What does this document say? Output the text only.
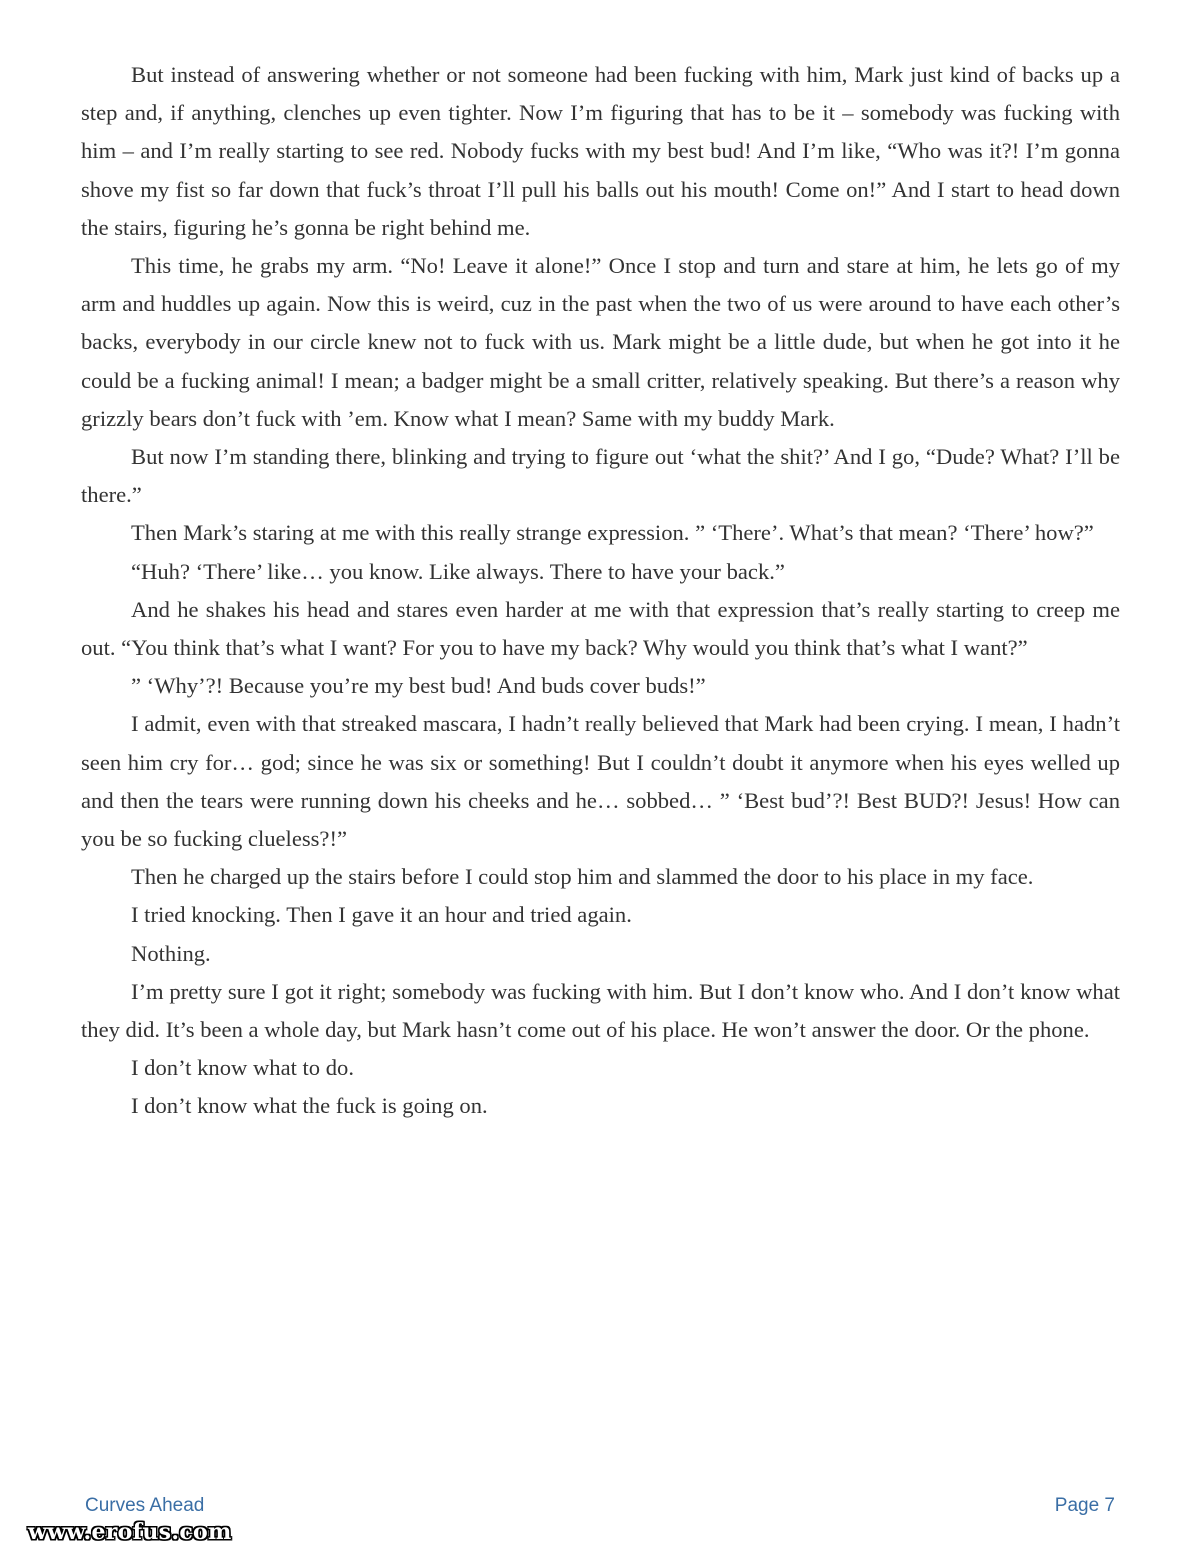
But instead of answering whether or not someone had been fucking with him, Mark just kind of backs up a step and, if anything, clenches up even tighter. Now I’m figuring that has to be it – somebody was fucking with him – and I’m really starting to see red. Nobody fucks with my best bud! And I’m like, “Who was it?! I’m gonna shove my fist so far down that fuck’s throat I’ll pull his balls out his mouth! Come on!” And I start to head down the stairs, figuring he’s gonna be right behind me.

This time, he grabs my arm. “No! Leave it alone!” Once I stop and turn and stare at him, he lets go of my arm and huddles up again. Now this is weird, cuz in the past when the two of us were around to have each other’s backs, everybody in our circle knew not to fuck with us. Mark might be a little dude, but when he got into it he could be a fucking animal! I mean; a badger might be a small critter, relatively speaking. But there’s a reason why grizzly bears don’t fuck with ’em. Know what I mean? Same with my buddy Mark.

But now I’m standing there, blinking and trying to figure out ‘what the shit?’ And I go, “Dude? What? I’ll be there.”

Then Mark’s staring at me with this really strange expression. ” ‘There’. What’s that mean? ‘There’ how?”

“Huh? ‘There’ like… you know. Like always. There to have your back.”

And he shakes his head and stares even harder at me with that expression that’s really starting to creep me out. “You think that’s what I want? For you to have my back? Why would you think that’s what I want?”

” ‘Why’?! Because you’re my best bud! And buds cover buds!”

I admit, even with that streaked mascara, I hadn’t really believed that Mark had been crying. I mean, I hadn’t seen him cry for… god; since he was six or something! But I couldn’t doubt it anymore when his eyes welled up and then the tears were running down his cheeks and he… sobbed… ” ‘Best bud’?! Best BUD?! Jesus! How can you be so fucking clueless?!”

Then he charged up the stairs before I could stop him and slammed the door to his place in my face.

I tried knocking. Then I gave it an hour and tried again.

Nothing.

I’m pretty sure I got it right; somebody was fucking with him. But I don’t know who. And I don’t know what they did. It’s been a whole day, but Mark hasn’t come out of his place. He won’t answer the door. Or the phone.

I don’t know what to do.

I don’t know what the fuck is going on.

Curves Ahead	Page 7
www.erofus.com
